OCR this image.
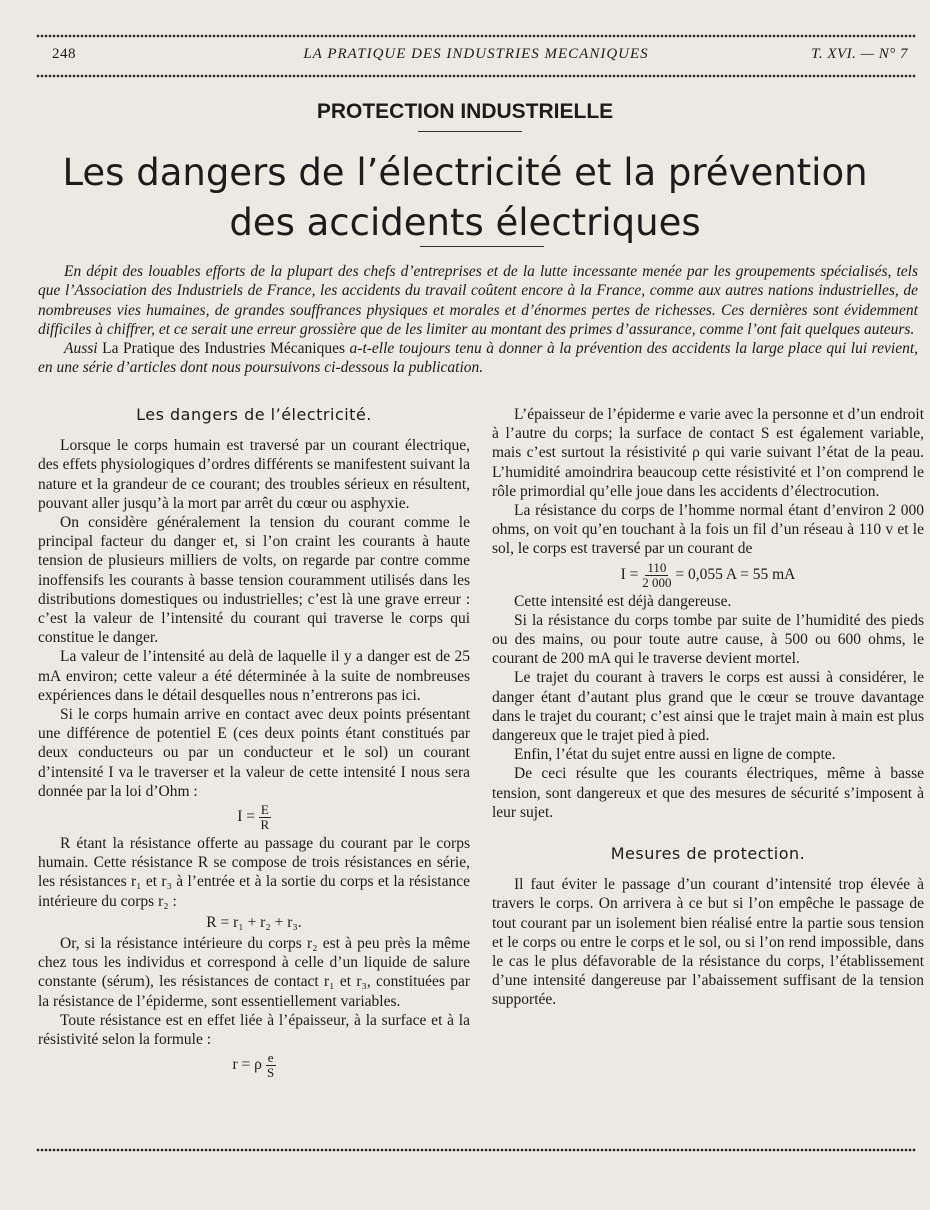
248	LA PRATIQUE DES INDUSTRIES MECANIQUES	T. XVI. — N° 7
PROTECTION INDUSTRIELLE
Les dangers de l’électricité et la prévention
des accidents électriques

En dépit des louables efforts de la plupart des chefs d’entreprises et de la lutte incessante menée par les groupements spécialisés, tels que l’Association des Industriels de France, les accidents du travail coûtent encore à la France, comme aux autres nations industrielles, de nombreuses vies humaines, de grandes souffrances physiques et morales et d’énormes pertes de richesses. Ces dernières sont évidemment difficiles à chiffrer, et ce serait une erreur grossière que de les limiter au montant des primes d’assurance, comme l’ont fait quelques auteurs.

Aussi La Pratique des Industries Mécaniques a-t-elle toujours tenu à donner à la prévention des accidents la large place qui lui revient, en une série d’articles dont nous poursuivons ci-dessous la publication.

Les dangers de l’électricité.

Lorsque le corps humain est traversé par un courant électrique, des effets physiologiques d’ordres différents se manifestent suivant la nature et la grandeur de ce courant; des troubles sérieux en résultent, pouvant aller jusqu’à la mort par arrêt du cœur ou asphyxie.

On considère généralement la tension du courant comme le principal facteur du danger et, si l’on craint les courants à haute tension de plusieurs milliers de volts, on regarde par contre comme inoffensifs les courants à basse tension couramment utilisés dans les distributions domestiques ou industrielles; c’est là une grave erreur : c’est la valeur de l’intensité du courant qui traverse le corps qui constitue le danger.

La valeur de l’intensité au delà de laquelle il y a danger est de 25 mA environ; cette valeur a été déterminée à la suite de nombreuses expériences dans le détail desquelles nous n’entrerons pas ici.

Si le corps humain arrive en contact avec deux points présentant une différence de potentiel E (ces deux points étant constitués par deux conducteurs ou par un conducteur et le sol) un courant d’intensité I va le traverser et la valeur de cette intensité I nous sera donnée par la loi d’Ohm :

$I = \frac{E}{R}$

R étant la résistance offerte au passage du courant par le corps humain. Cette résistance R se compose de trois résistances en série, les résistances r₁ et r₃ à l’entrée et à la sortie du corps et la résistance intérieure du corps r₂ :

R = r₁ + r₂ + r₃.

Or, si la résistance intérieure du corps r₂ est à peu près la même chez tous les individus et correspond à celle d’un liquide de salure constante (sérum), les résistances de contact r₁ et r₃, constituées par la résistance de l’épiderme, sont essentiellement variables.

Toute résistance est en effet liée à l’épaisseur, à la surface et à la résistivité selon la formule :

r = ρ $\frac{e}{S}$

L’épaisseur de l’épiderme e varie avec la personne et d’un endroit à l’autre du corps; la surface de contact S est également variable, mais c’est surtout la résistivité ρ qui varie suivant l’état de la peau. L’humidité amoindrira beaucoup cette résistivité et l’on comprend le rôle primordial qu’elle joue dans les accidents d’électrocution.

La résistance du corps de l’homme normal étant d’environ 2 000 ohms, on voit qu’en touchant à la fois un fil d’un réseau à 110 v et le sol, le corps est traversé par un courant de

$I = \frac{110}{2 000} = 0,055$ A = 55 mA

Cette intensité est déjà dangereuse.

Si la résistance du corps tombe par suite de l’humidité des pieds ou des mains, ou pour toute autre cause, à 500 ou 600 ohms, le courant de 200 mA qui le traverse devient mortel.

Le trajet du courant à travers le corps est aussi à considérer, le danger étant d’autant plus grand que le cœur se trouve davantage dans le trajet du courant; c’est ainsi que le trajet main à main est plus dangereux que le trajet pied à pied.

Enfin, l’état du sujet entre aussi en ligne de compte.

De ceci résulte que les courants électriques, même à basse tension, sont dangereux et que des mesures de sécurité s’imposent à leur sujet.

Mesures de protection.

Il faut éviter le passage d’un courant d’intensité trop élevée à travers le corps. On arrivera à ce but si l’on empêche le passage de tout courant par un isolement bien réalisé entre la partie sous tension et le corps ou entre le corps et le sol, ou si l’on rend impossible, dans le cas le plus défavorable de la résistance du corps, l’établissement d’une intensité dangereuse par l’abaissement suffisant de la tension supportée.
